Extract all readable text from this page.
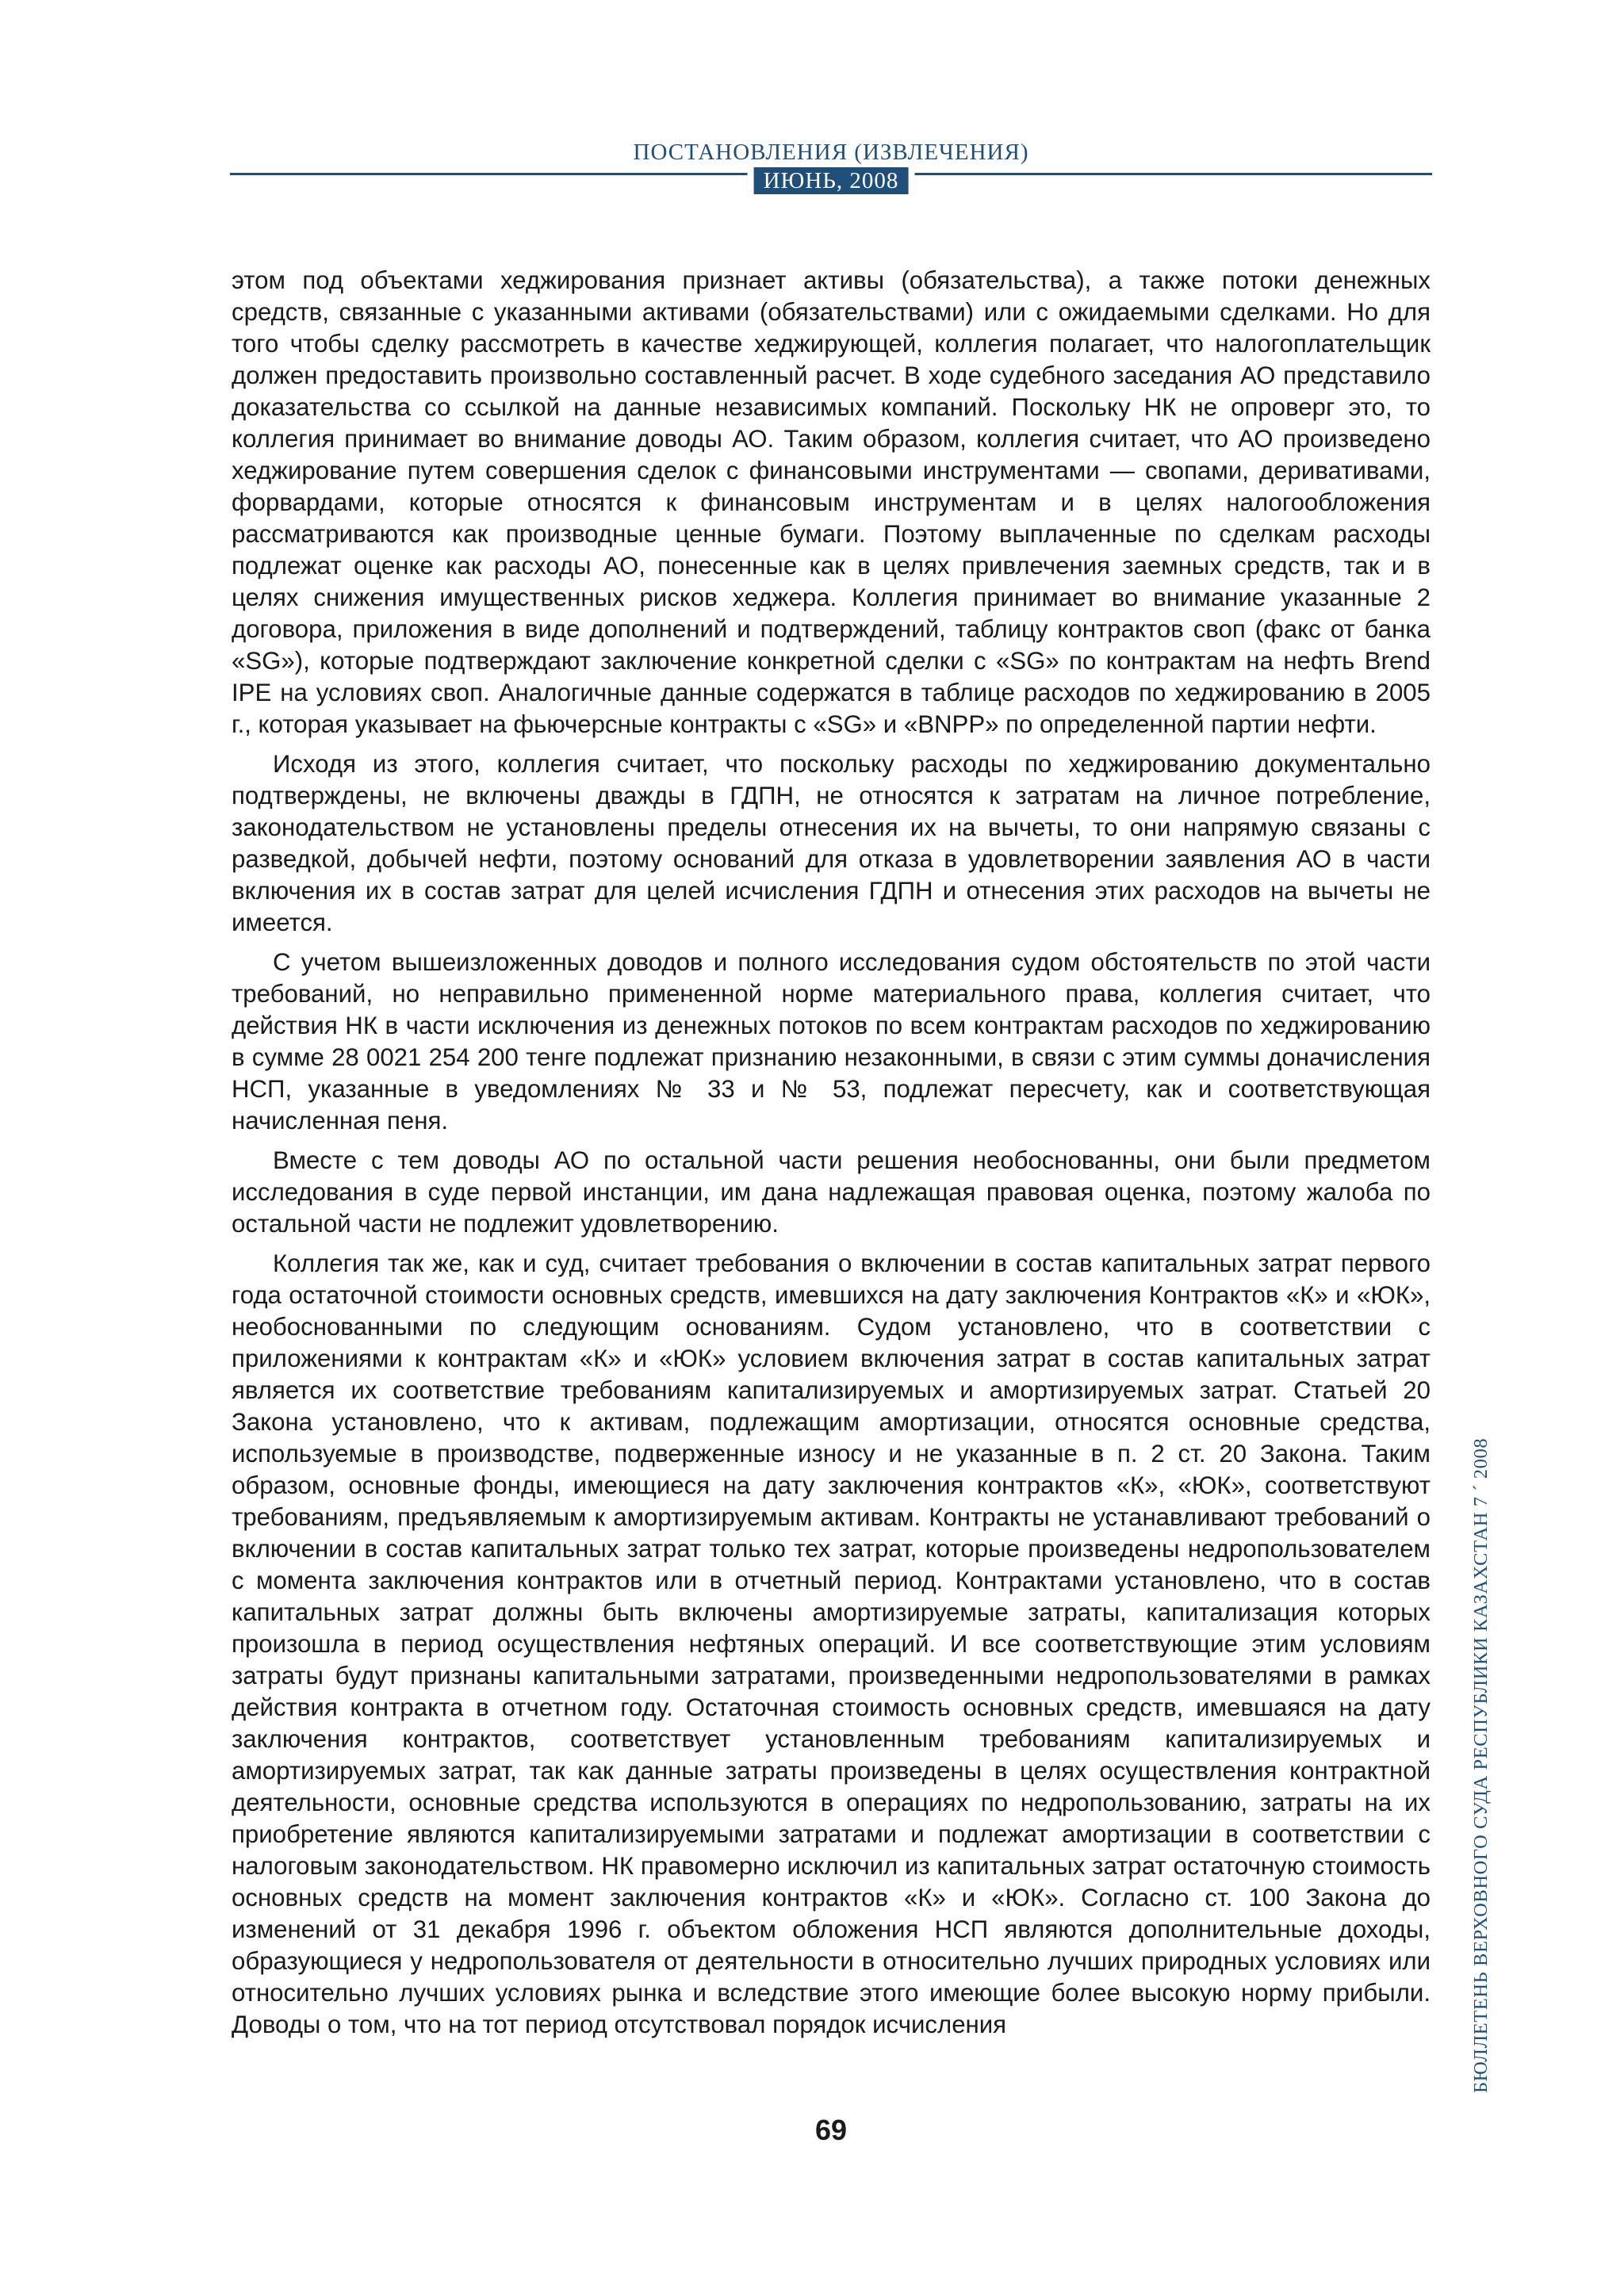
ПОСТАНОВЛЕНИЯ (ИЗВЛЕЧЕНИЯ)
ИЮНЬ, 2008

этом под объектами хеджирования признает активы (обязательства), а также потоки денежных средств, связанные с указанными активами (обязательствами) или с ожидаемыми сделками. Но для того чтобы сделку рассмотреть в качестве хеджирующей, коллегия полагает, что налогоплательщик должен предоставить произвольно составленный расчет. В ходе судебного заседания АО представило доказательства со ссылкой на данные независимых компаний. Поскольку НК не опроверг это, то коллегия принимает во внимание доводы АО. Таким образом, коллегия считает, что АО произведено хеджирование путем совершения сделок с финансовыми инструментами — свопами, деривативами, форвардами, которые относятся к финансовым инструментам и в целях налогообложения рассматриваются как производные ценные бумаги. Поэтому выплаченные по сделкам расходы подлежат оценке как расходы АО, понесенные как в целях привлечения заемных средств, так и в целях снижения имущественных рисков хеджера. Коллегия принимает во внимание указанные 2 договора, приложения в виде дополнений и подтверждений, таблицу контрактов своп (факс от банка «SG»), которые подтверждают заключение конкретной сделки с «SG» по контрактам на нефть Brend IPE на условиях своп. Аналогичные данные содержатся в таблице расходов по хеджированию в 2005 г., которая указывает на фьючерсные контракты с «SG» и «BNPP» по определенной партии нефти.

Исходя из этого, коллегия считает, что поскольку расходы по хеджированию документально подтверждены, не включены дважды в ГДПН, не относятся к затратам на личное потребление, законодательством не установлены пределы отнесения их на вычеты, то они напрямую связаны с разведкой, добычей нефти, поэтому оснований для отказа в удовлетворении заявления АО в части включения их в состав затрат для целей исчисления ГДПН и отнесения этих расходов на вычеты не имеется.

С учетом вышеизложенных доводов и полного исследования судом обстоятельств по этой части требований, но неправильно примененной норме материального права, коллегия считает, что действия НК в части исключения из денежных потоков по всем контрактам расходов по хеджированию в сумме 28 0021 254 200 тенге подлежат признанию незаконными, в связи с этим суммы доначисления НСП, указанные в уведомлениях № 33 и № 53, подлежат пересчету, как и соответствующая начисленная пеня.

Вместе с тем доводы АО по остальной части решения необоснованны, они были предметом исследования в суде первой инстанции, им дана надлежащая правовая оценка, поэтому жалоба по остальной части не подлежит удовлетворению.

Коллегия так же, как и суд, считает требования о включении в состав капитальных затрат первого года остаточной стоимости основных средств, имевшихся на дату заключения Контрактов «К» и «ЮК», необоснованными по следующим основаниям. Судом установлено, что в соответствии с приложениями к контрактам «К» и «ЮК» условием включения затрат в состав капитальных затрат является их соответствие требованиям капитализируемых и амортизируемых затрат. Статьей 20 Закона установлено, что к активам, подлежащим амортизации, относятся основные средства, используемые в производстве, подверженные износу и не указанные в п. 2 ст. 20 Закона. Таким образом, основные фонды, имеющиеся на дату заключения контрактов «К», «ЮК», соответствуют требованиям, предъявляемым к амортизируемым активам. Контракты не устанавливают требований о включении в состав капитальных затрат только тех затрат, которые произведены недропользователем с момента заключения контрактов или в отчетный период. Контрактами установлено, что в состав капитальных затрат должны быть включены амортизируемые затраты, капитализация которых произошла в период осуществления нефтяных операций. И все соответствующие этим условиям затраты будут признаны капитальными затратами, произведенными недропользователями в рамках действия контракта в отчетном году. Остаточная стоимость основных средств, имевшаяся на дату заключения контрактов, соответствует установленным требованиям капитализируемых и амортизируемых затрат, так как данные затраты произведены в целях осуществления контрактной деятельности, основные средства используются в операциях по недропользованию, затраты на их приобретение являются капитализируемыми затратами и подлежат амортизации в соответствии с налоговым законодательством. НК правомерно исключил из капитальных затрат остаточную стоимость основных средств на момент заключения контрактов «К» и «ЮК». Согласно ст. 100 Закона до изменений от 31 декабря 1996 г. объектом обложения НСП являются дополнительные доходы, образующиеся у недропользователя от деятельности в относительно лучших природных условиях или относительно лучших условиях рынка и вследствие этого имеющие более высокую норму прибыли. Доводы о том, что на тот период отсутствовал порядок исчисления

69
БЮЛЛЕТЕНЬ ВЕРХОВНОГО СУДА РЕСПУБЛИКИ КАЗАХСТАН 7 ´ 2008
